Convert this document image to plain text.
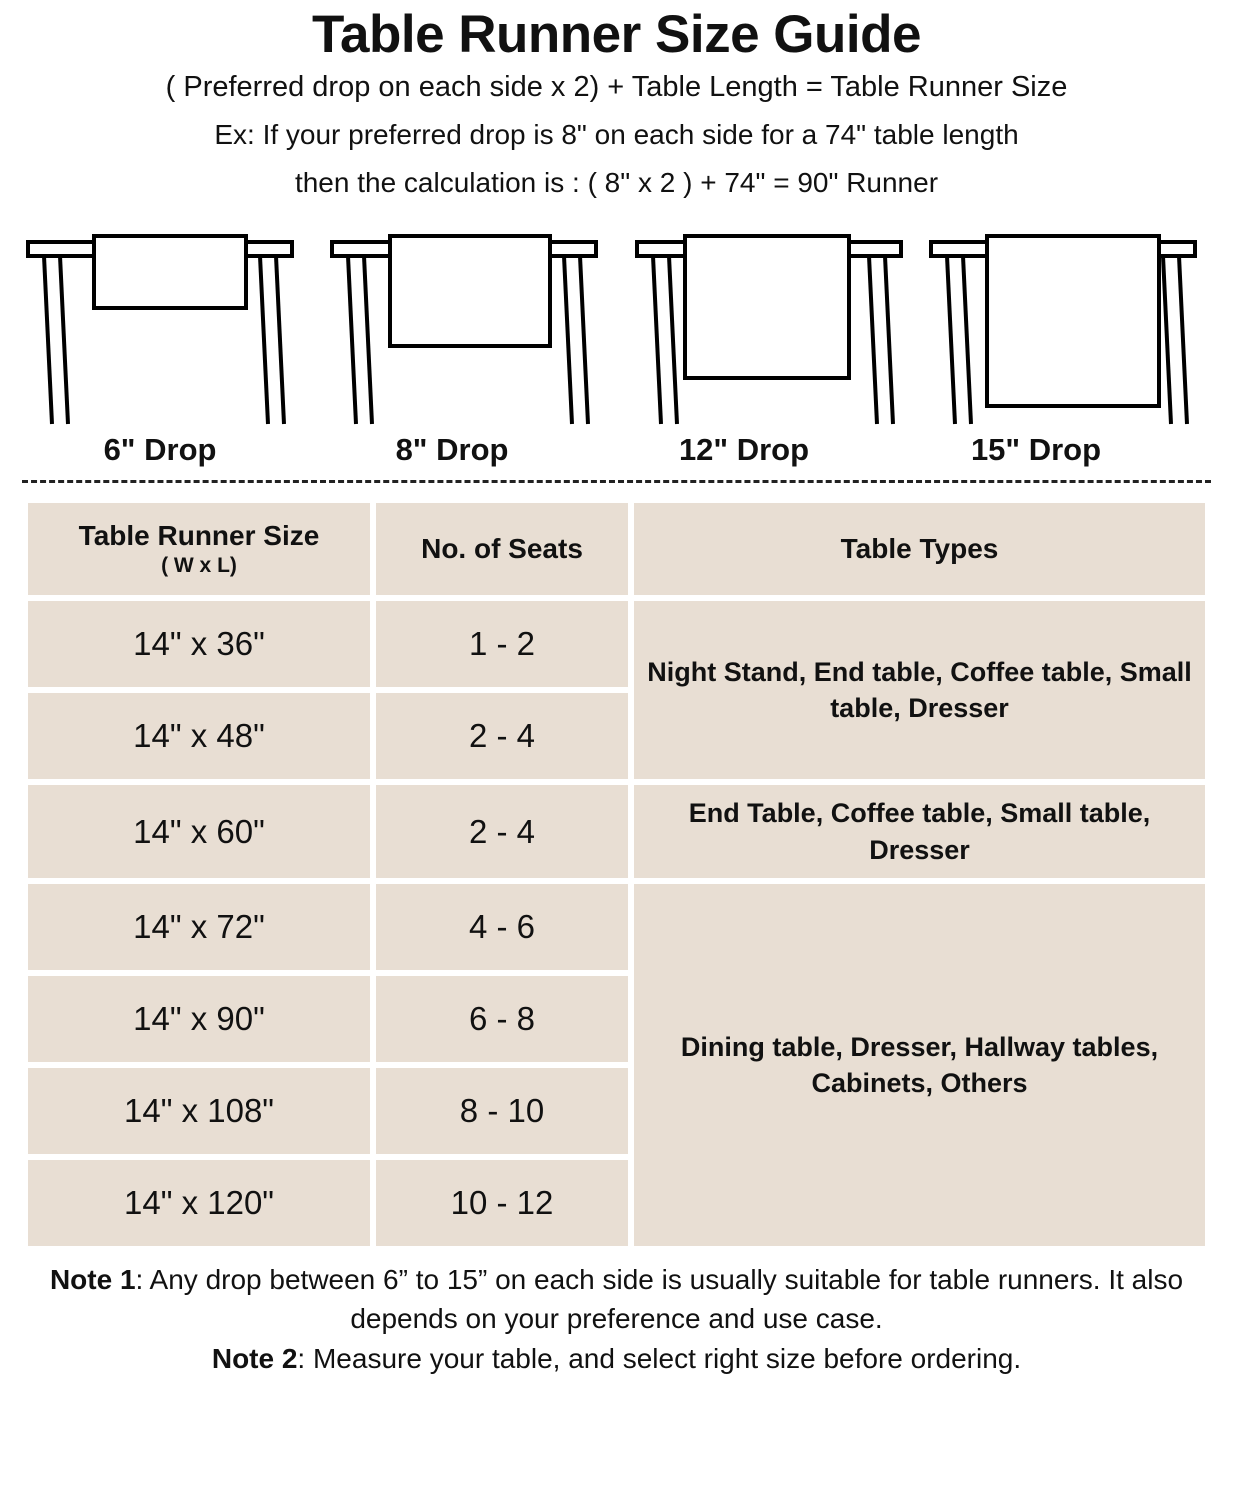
Table Runner Size Guide
( Preferred drop on each side x 2) + Table Length = Table Runner Size
Ex: If your preferred drop is 8" on each side for a 74" table length
then the calculation is : ( 8" x 2 ) + 74" = 90" Runner
6" Drop	8" Drop	12" Drop	15" Drop
Table Runner Size
( W x L)	No. of Seats	Table Types
14" x 36"	1 - 2	Night Stand, End table, Coffee table, Small table, Dresser
14" x 48"	2 - 4	
14" x 60"	2 - 4	End Table, Coffee table, Small table, Dresser
14" x 72"	4 - 6	Dining table, Dresser, Hallway tables, Cabinets, Others
14" x 90"	6 - 8	
14" x 108"	8 - 10	
14" x 120"	10 - 12	
Note 1: Any drop between 6” to 15” on each side is usually suitable for table runners. It also depends on your preference and use case.
Note 2: Measure your table, and select right size before ordering.
